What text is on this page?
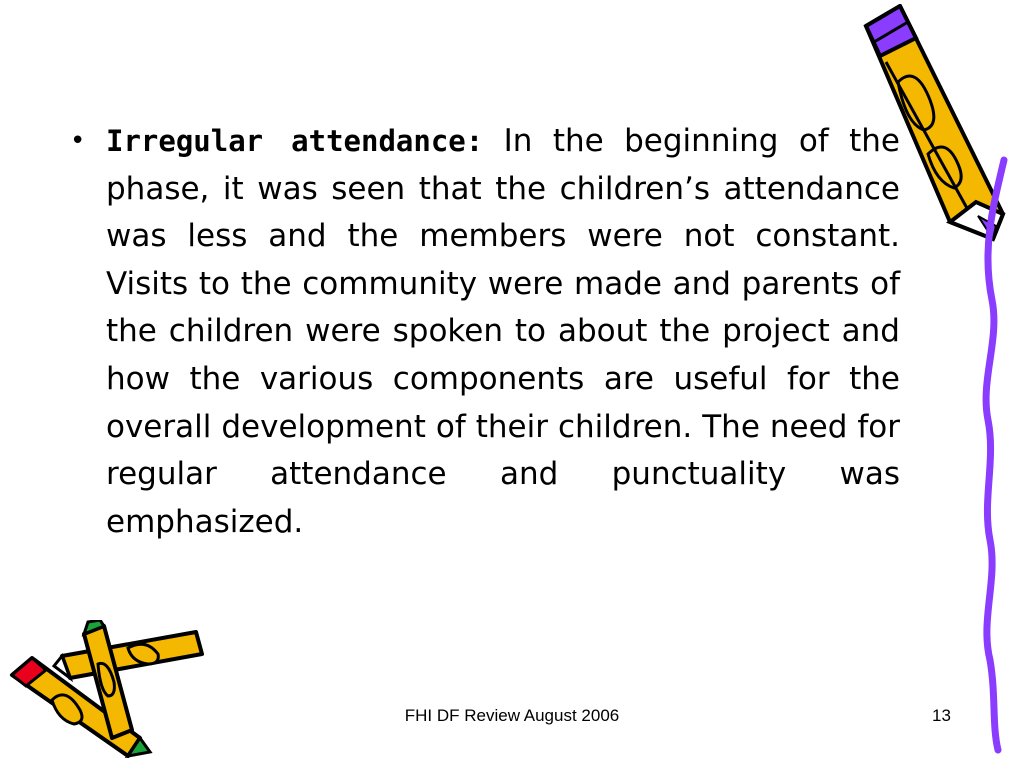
• Irregular attendance: In the beginning of the phase, it was seen that the children’s attendance was less and the members were not constant. Visits to the community were made and parents of the children were spoken to about the project and how the various components are useful for the overall development of their children. The need for regular attendance and punctuality was emphasized.

FHI DF Review August 2006	13
